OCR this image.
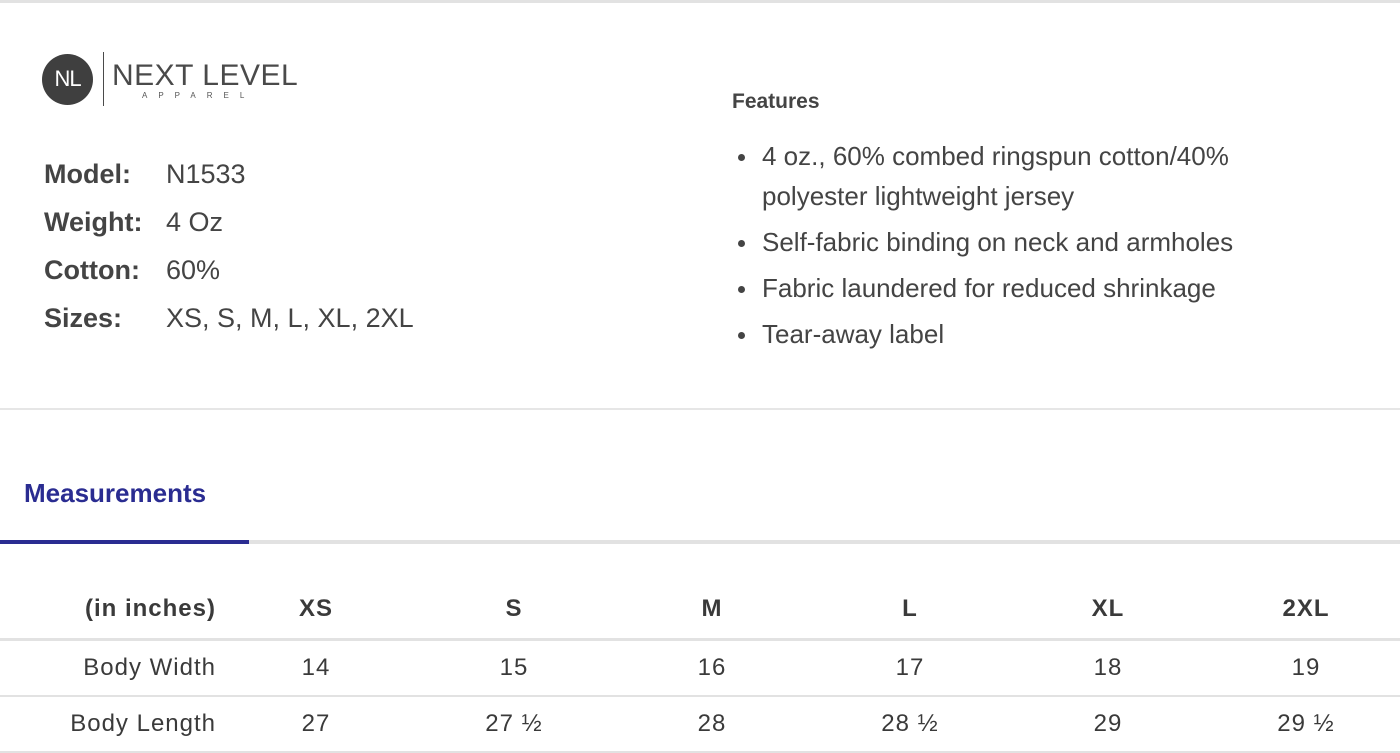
NL	NEXT LEVEL
APPAREL
Model:	N1533
Weight: 4 Oz
Cotton: 60%
Sizes:	XS, S, M, L, XL, 2XL
Features
4 oz., 60% combed ringspun cotton/40% polyester lightweight jersey
Self-fabric binding on neck and armholes
Fabric laundered for reduced shrinkage
Tear-away label
Measurements
(in inches)	XS	S	M	L	XL	2XL
Body Width	14	15	16	17	18	19
Body Length	27	27 ½	28	28 ½	29	29 ½
